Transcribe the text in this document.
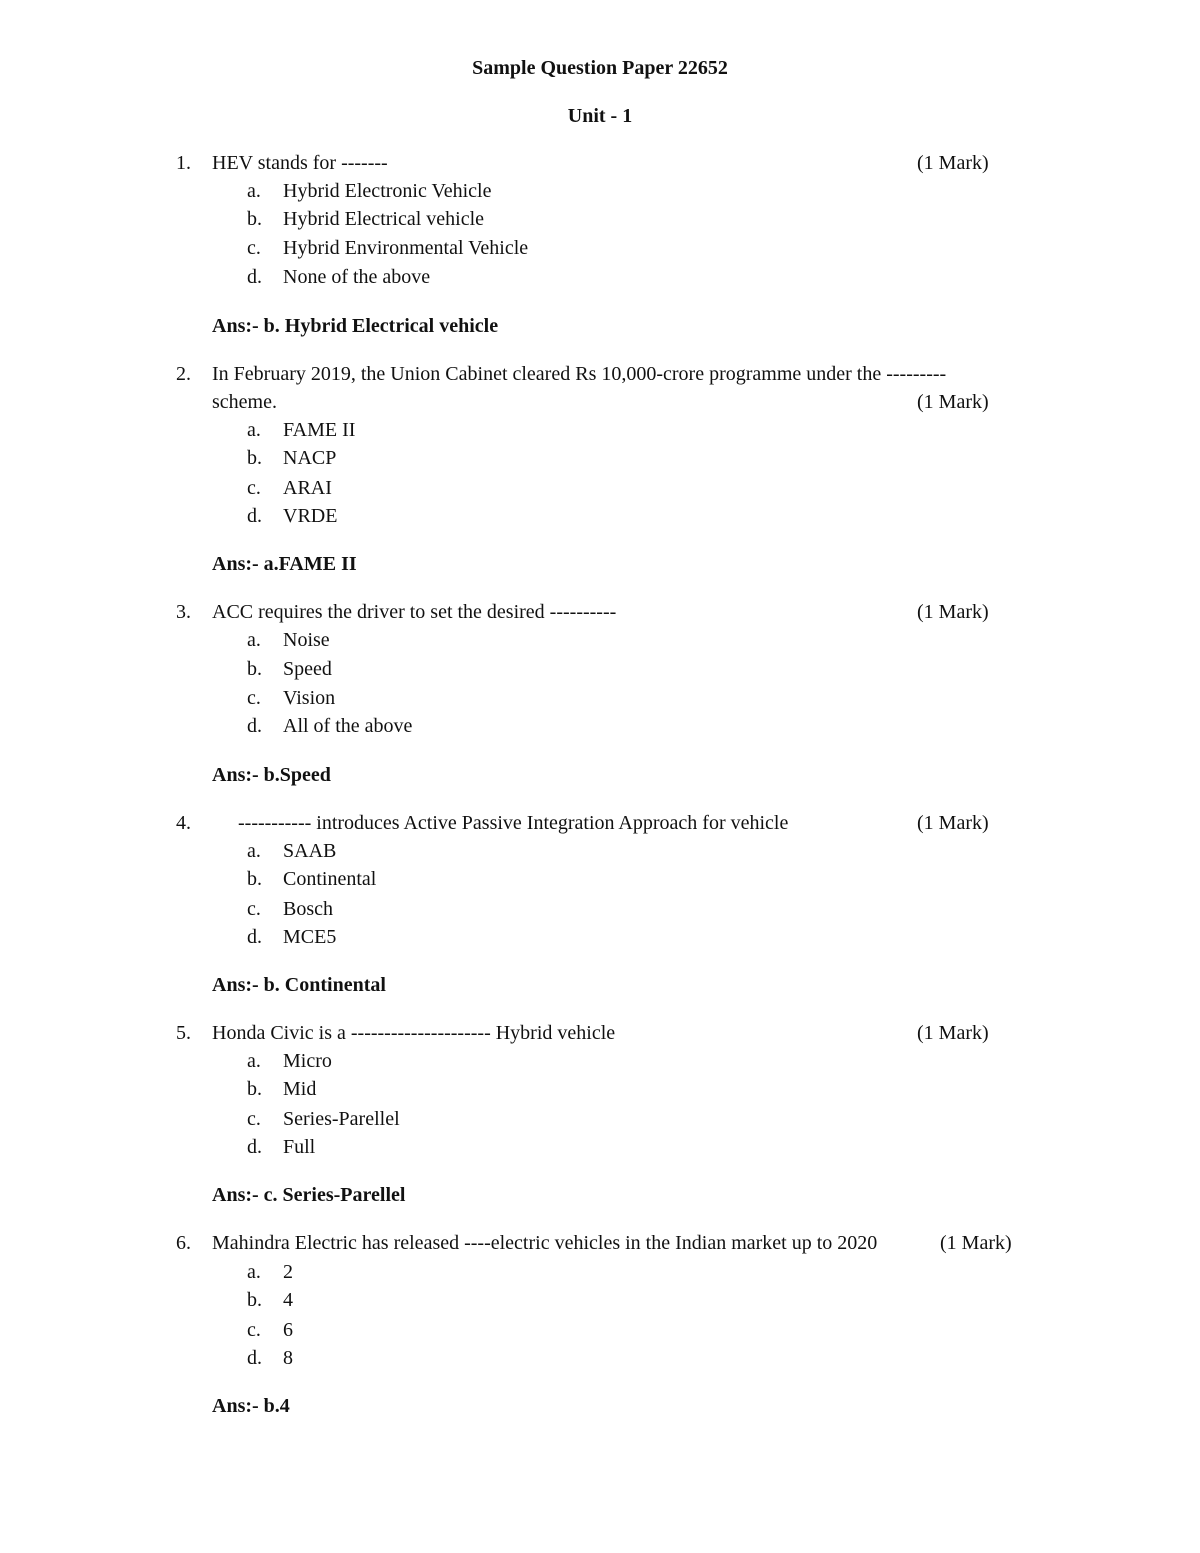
Sample Question Paper 22652
Unit - 1
1. HEV stands for -------	(1 Mark)
a. Hybrid Electronic Vehicle
b. Hybrid Electrical vehicle
c. Hybrid Environmental Vehicle
d. None of the above
Ans:- b. Hybrid Electrical vehicle
2. In February 2019, the Union Cabinet cleared Rs 10,000-crore programme under the ---------
scheme.	(1 Mark)
a. FAME II
b. NACP
c. ARAI
d. VRDE
Ans:- a.FAME II
3. ACC requires the driver to set the desired ----------	(1 Mark)
a. Noise
b. Speed
c. Vision
d. All of the above
Ans:- b.Speed
4. ----------- introduces Active Passive Integration Approach for vehicle	(1 Mark)
a. SAAB
b. Continental
c. Bosch
d. MCE5
Ans:- b. Continental
5. Honda Civic is a --------------------- Hybrid vehicle	(1 Mark)
a. Micro
b. Mid
c. Series-Parellel
d. Full
Ans:- c. Series-Parellel
6. Mahindra Electric has released ----electric vehicles in the Indian market up to 2020	(1 Mark)
a. 2
b. 4
c. 6
d. 8
Ans:- b.4
